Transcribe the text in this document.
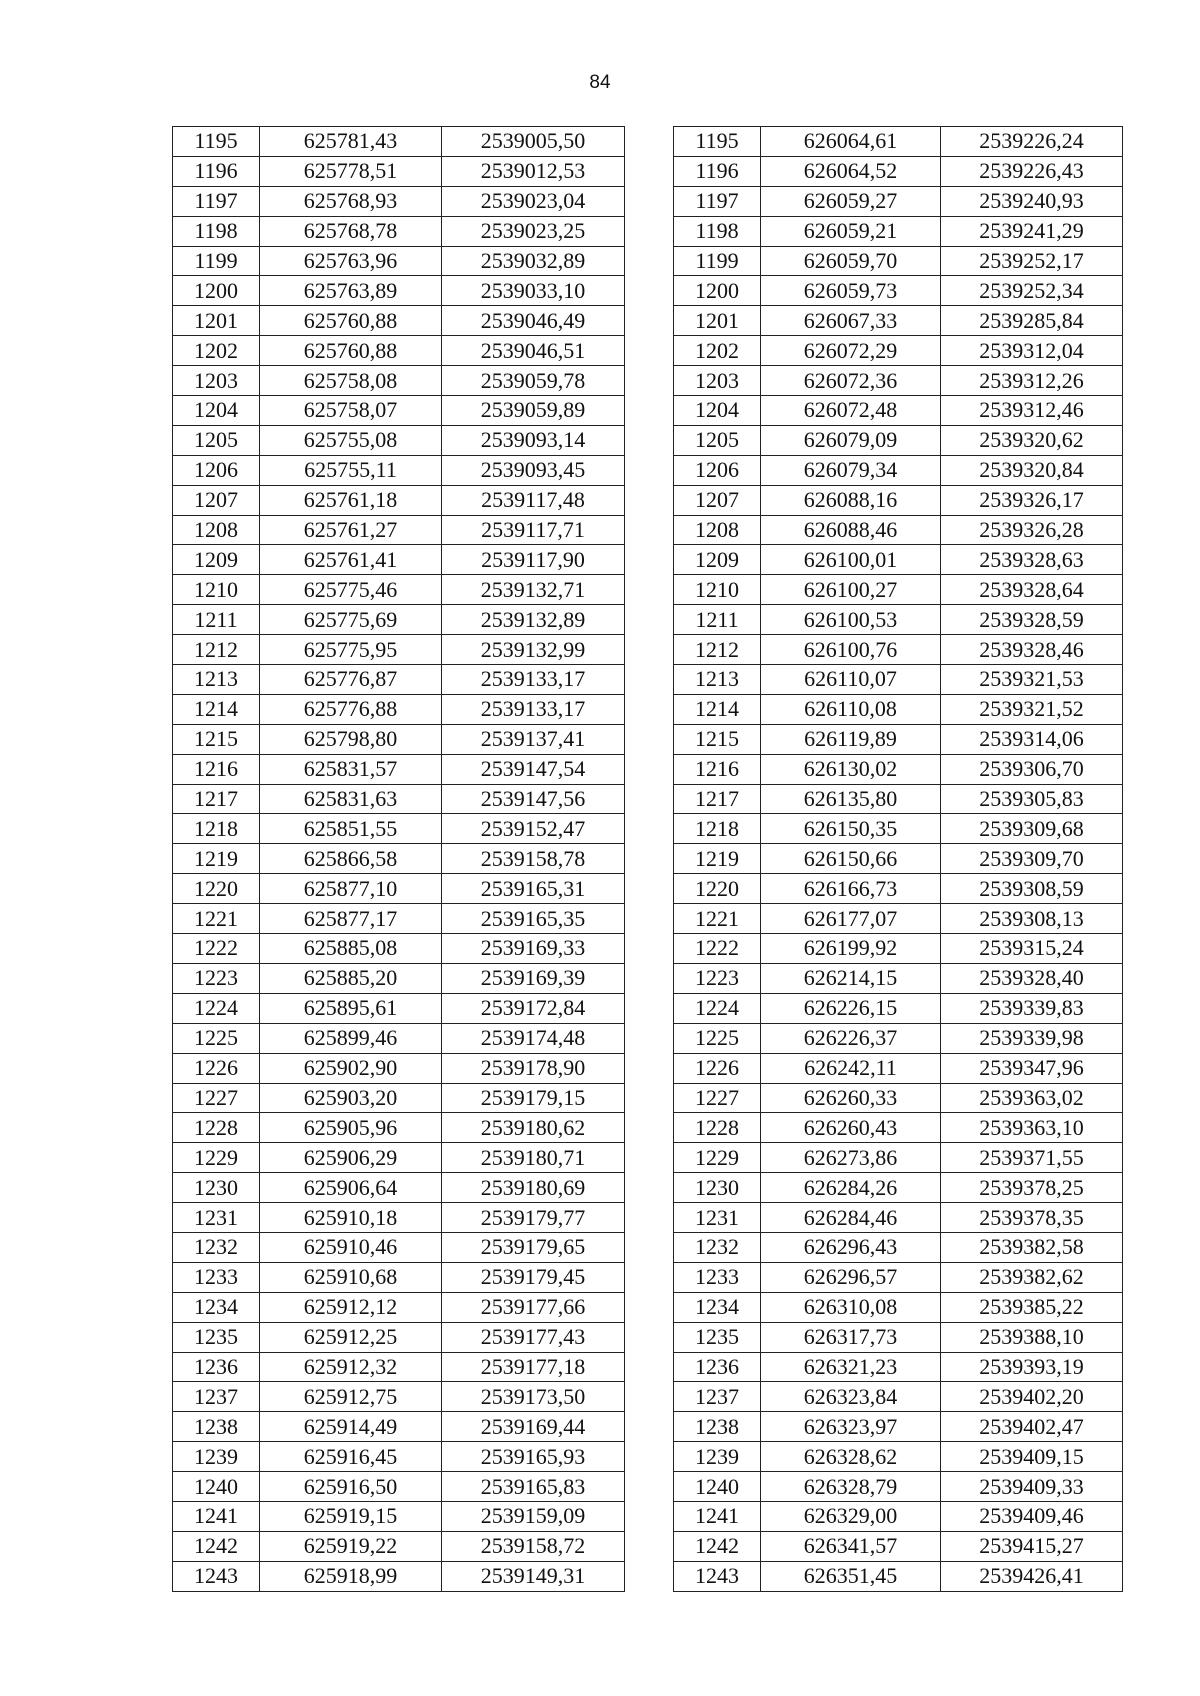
84
1195	625781,43	2539005,50		1195	626064,61	2539226,24
1196	625778,51	2539012,53		1196	626064,52	2539226,43
1197	625768,93	2539023,04		1197	626059,27	2539240,93
1198	625768,78	2539023,25		1198	626059,21	2539241,29
1199	625763,96	2539032,89		1199	626059,70	2539252,17
1200	625763,89	2539033,10		1200	626059,73	2539252,34
1201	625760,88	2539046,49		1201	626067,33	2539285,84
1202	625760,88	2539046,51		1202	626072,29	2539312,04
1203	625758,08	2539059,78		1203	626072,36	2539312,26
1204	625758,07	2539059,89		1204	626072,48	2539312,46
1205	625755,08	2539093,14		1205	626079,09	2539320,62
1206	625755,11	2539093,45		1206	626079,34	2539320,84
1207	625761,18	2539117,48		1207	626088,16	2539326,17
1208	625761,27	2539117,71		1208	626088,46	2539326,28
1209	625761,41	2539117,90		1209	626100,01	2539328,63
1210	625775,46	2539132,71		1210	626100,27	2539328,64
1211	625775,69	2539132,89		1211	626100,53	2539328,59
1212	625775,95	2539132,99		1212	626100,76	2539328,46
1213	625776,87	2539133,17		1213	626110,07	2539321,53
1214	625776,88	2539133,17		1214	626110,08	2539321,52
1215	625798,80	2539137,41		1215	626119,89	2539314,06
1216	625831,57	2539147,54		1216	626130,02	2539306,70
1217	625831,63	2539147,56		1217	626135,80	2539305,83
1218	625851,55	2539152,47		1218	626150,35	2539309,68
1219	625866,58	2539158,78		1219	626150,66	2539309,70
1220	625877,10	2539165,31		1220	626166,73	2539308,59
1221	625877,17	2539165,35		1221	626177,07	2539308,13
1222	625885,08	2539169,33		1222	626199,92	2539315,24
1223	625885,20	2539169,39		1223	626214,15	2539328,40
1224	625895,61	2539172,84		1224	626226,15	2539339,83
1225	625899,46	2539174,48		1225	626226,37	2539339,98
1226	625902,90	2539178,90		1226	626242,11	2539347,96
1227	625903,20	2539179,15		1227	626260,33	2539363,02
1228	625905,96	2539180,62		1228	626260,43	2539363,10
1229	625906,29	2539180,71		1229	626273,86	2539371,55
1230	625906,64	2539180,69		1230	626284,26	2539378,25
1231	625910,18	2539179,77		1231	626284,46	2539378,35
1232	625910,46	2539179,65		1232	626296,43	2539382,58
1233	625910,68	2539179,45		1233	626296,57	2539382,62
1234	625912,12	2539177,66		1234	626310,08	2539385,22
1235	625912,25	2539177,43		1235	626317,73	2539388,10
1236	625912,32	2539177,18		1236	626321,23	2539393,19
1237	625912,75	2539173,50		1237	626323,84	2539402,20
1238	625914,49	2539169,44		1238	626323,97	2539402,47
1239	625916,45	2539165,93		1239	626328,62	2539409,15
1240	625916,50	2539165,83		1240	626328,79	2539409,33
1241	625919,15	2539159,09		1241	626329,00	2539409,46
1242	625919,22	2539158,72		1242	626341,57	2539415,27
1243	625918,99	2539149,31		1243	626351,45	2539426,41
